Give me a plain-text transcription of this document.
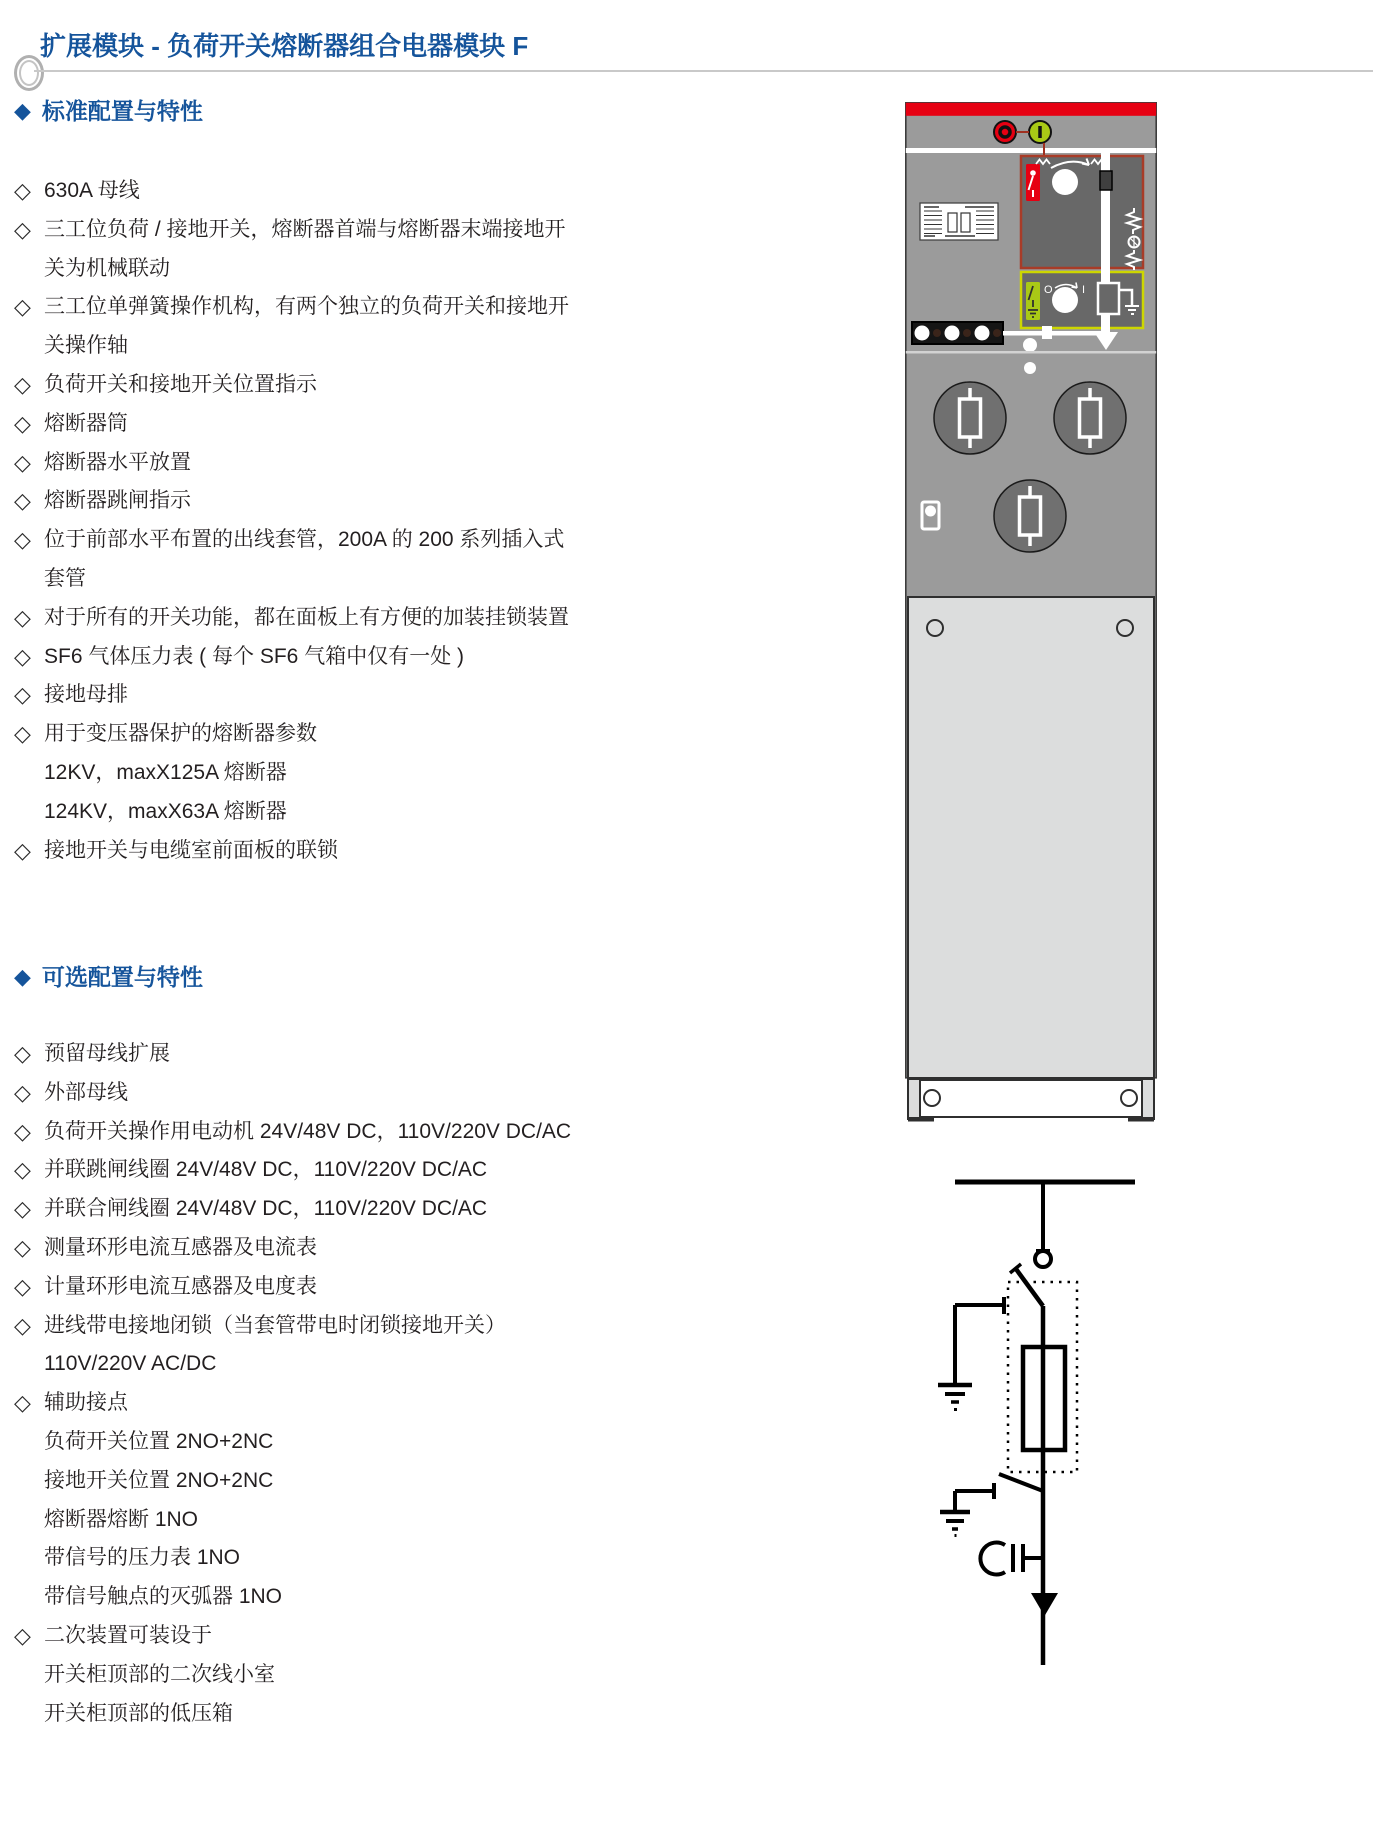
扩展模块 - 负荷开关熔断器组合电器模块 F
◆ 标准配置与特性
◇ 630A 母线
◇ 三工位负荷 / 接地开关，熔断器首端与熔断器末端接地开
关为机械联动
◇ 三工位单弹簧操作机构，有两个独立的负荷开关和接地开
关操作轴
◇ 负荷开关和接地开关位置指示
◇ 熔断器筒
◇ 熔断器水平放置
◇ 熔断器跳闸指示
◇ 位于前部水平布置的出线套管，200A 的 200 系列插入式
套管
◇ 对于所有的开关功能，都在面板上有方便的加装挂锁装置
◇ SF6 气体压力表 ( 每个 SF6 气箱中仅有一处 )
◇ 接地母排
◇ 用于变压器保护的熔断器参数
12KV，maxX125A 熔断器
124KV，maxX63A 熔断器
◇ 接地开关与电缆室前面板的联锁
◆ 可选配置与特性
◇ 预留母线扩展
◇ 外部母线
◇ 负荷开关操作用电动机 24V/48V DC，110V/220V DC/AC
◇ 并联跳闸线圈 24V/48V DC，110V/220V DC/AC
◇ 并联合闸线圈 24V/48V DC，110V/220V DC/AC
◇ 测量环形电流互感器及电流表
◇ 计量环形电流互感器及电度表
◇ 进线带电接地闭锁（当套管带电时闭锁接地开关）
110V/220V AC/DC
◇ 辅助接点
负荷开关位置 2NO+2NC
接地开关位置 2NO+2NC
熔断器熔断 1NO
带信号的压力表 1NO
带信号触点的灭弧器 1NO
◇ 二次装置可装设于
开关柜顶部的二次线小室
开关柜顶部的低压箱
O	I
